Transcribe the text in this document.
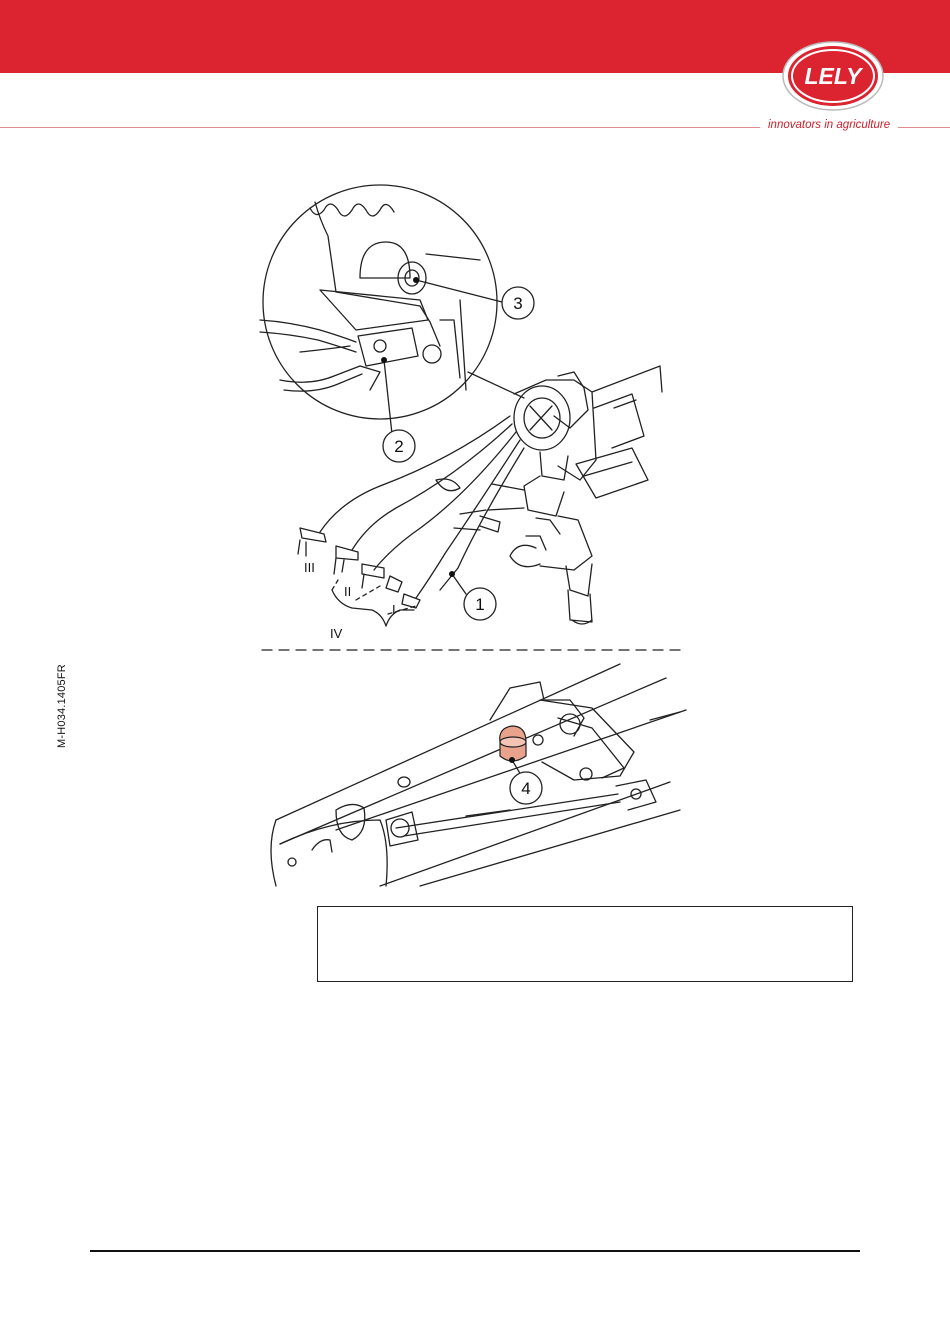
LELY
innovators in agriculture
M-H034.1405FR
3
2
1
4
III
II
I
IV
